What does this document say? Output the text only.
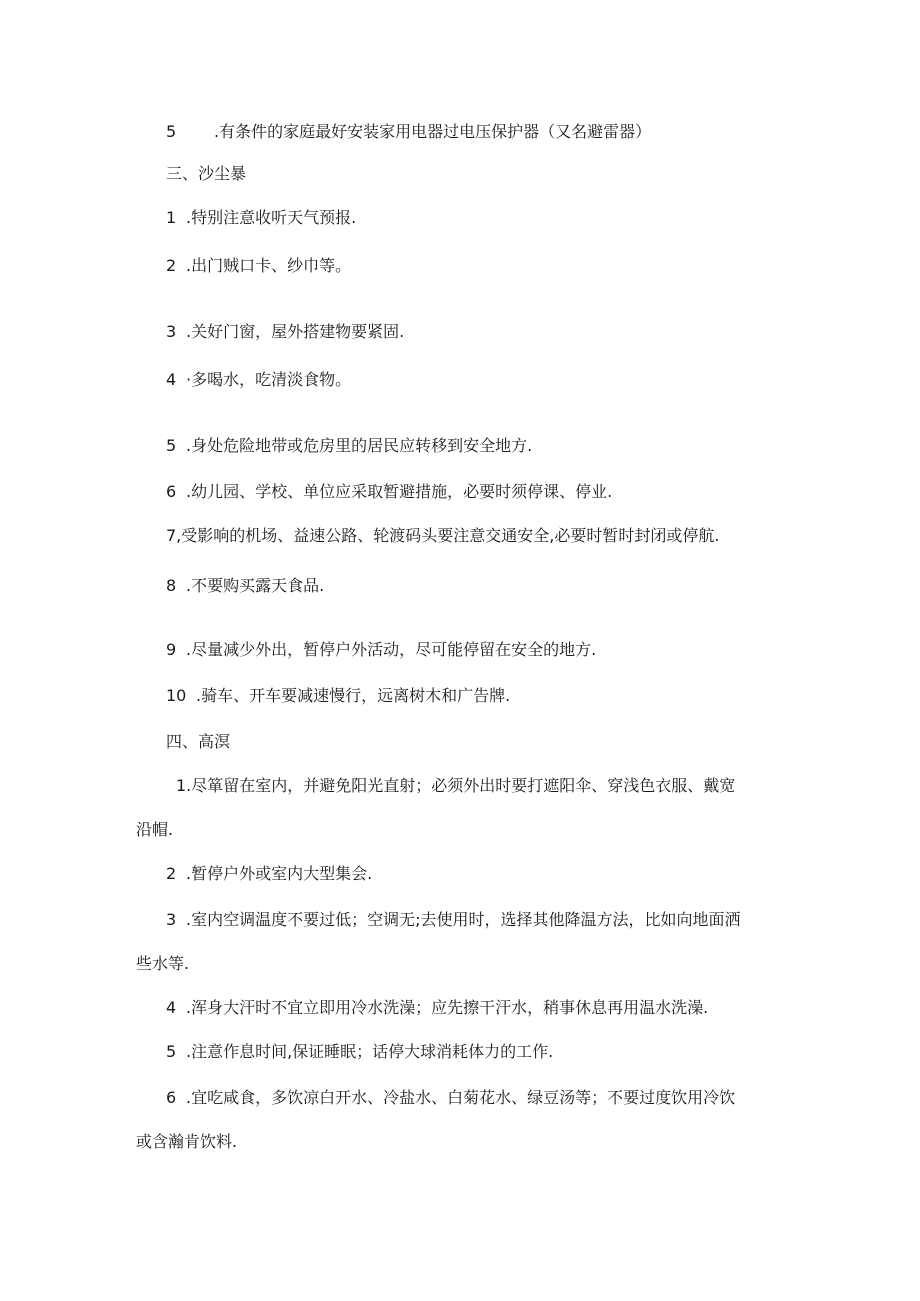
5 .有条件的家庭最好安装家用电器过电压保护器（又名避雷器）
三、沙尘暴
1 .特别注意收听天气预报.
2 .出门贼口卡、纱巾等。
3 .关好门窗，屋外搭建物要紧固.
4 ·多喝水，吃清淡食物。
5 .身处危险地带或危房里的居民应转移到安全地方.
6 .幼儿园、学校、单位应采取暂避措施，必要时须停课、停业.
7,受影响的机场、益速公路、轮渡码头要注意交通安全,必要时暂时封闭或停航.
8 .不要购买露天食品.
9 .尽量减少外出，暂停户外活动，尽可能停留在安全的地方.
10 .骑车、开车要减速慢行，远离树木和广告牌.
四、高溟
1.尽箪留在室内，并避免阳光直射；必须外出时要打遮阳伞、穿浅色衣服、戴宽
沿帽.
2 .暂停户外或室内大型集会.
3 .室内空调温度不要过低；空调无;去使用时，选择其他降温方法，比如向地面洒
些水等.
4 .浑身大汗时不宜立即用冷水洗澡；应先擦干汗水，稍事休息再用温水洗澡.
5 .注意作息时间,保证睡眠；话停大球消耗体力的工作.
6 .宜吃咸食，多饮凉白开水、冷盐水、白菊花水、绿豆汤等；不要过度饮用冷饮
或含瀚肯饮料.
